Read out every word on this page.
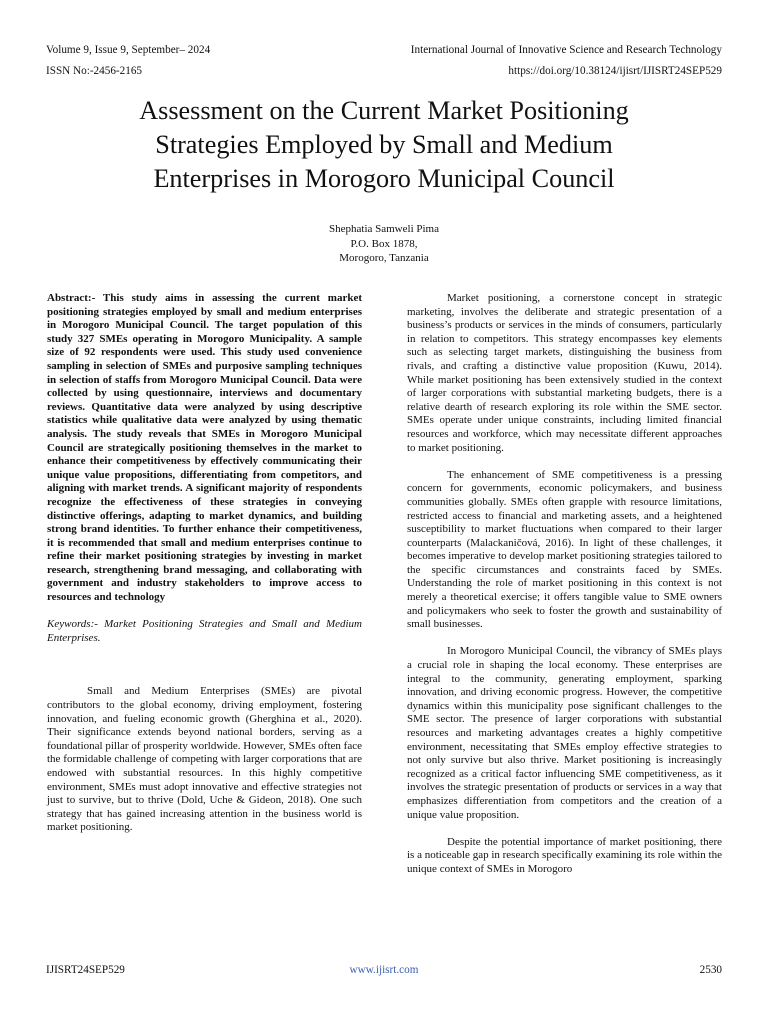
Volume 9, Issue 9, September– 2024	International Journal of Innovative Science and Research Technology
ISSN No:-2456-2165	https://doi.org/10.38124/ijisrt/IJISRT24SEP529
Assessment on the Current Market Positioning
Strategies Employed by Small and Medium
Enterprises in Morogoro Municipal Council
Shephatia Samweli Pima
P.O. Box 1878,
Morogoro, Tanzania

Abstract:- This study aims in assessing the current market positioning strategies employed by small and medium enterprises in Morogoro Municipal Council. The target population of this study 327 SMEs operating in Morogoro Municipality. A sample size of 92 respondents were used. This study used convenience sampling in selection of SMEs and purposive sampling techniques in selection of staffs from Morogoro Municipal Council. Data were collected by using questionnaire, interviews and documentary reviews. Quantitative data were analyzed by using descriptive statistics while qualitative data were analyzed by using thematic analysis. The study reveals that SMEs in Morogoro Municipal Council are strategically positioning themselves in the market to enhance their competitiveness by effectively communicating their unique value propositions, differentiating from competitors, and aligning with market trends. A significant majority of respondents recognize the effectiveness of these strategies in conveying distinctive offerings, adapting to market dynamics, and building strong brand identities. To further enhance their competitiveness, it is recommended that small and medium enterprises continue to refine their market positioning strategies by investing in market research, strengthening brand messaging, and collaborating with government and industry stakeholders to improve access to resources and technology

Keywords:- Market Positioning Strategies and Small and Medium Enterprises.

Small and Medium Enterprises (SMEs) are pivotal contributors to the global economy, driving employment, fostering innovation, and fueling economic growth (Gherghina et al., 2020). Their significance extends beyond national borders, serving as a foundational pillar of prosperity worldwide. However, SMEs often face the formidable challenge of competing with larger corporations that are endowed with substantial resources. In this highly competitive environment, SMEs must adopt innovative and effective strategies not just to survive, but to thrive (Dold, Uche & Gideon, 2018). One such strategy that has gained increasing attention in the business world is market positioning.

Market positioning, a cornerstone concept in strategic marketing, involves the deliberate and strategic presentation of a business’s products or services in the minds of consumers, particularly in relation to competitors. This strategy encompasses key elements such as selecting target markets, distinguishing the business from rivals, and crafting a distinctive value proposition (Kuwu, 2014). While market positioning has been extensively studied in the context of larger corporations with substantial marketing budgets, there is a relative dearth of research exploring its role within the SME sector. SMEs operate under unique constraints, including limited financial resources and workforce, which may necessitate different approaches to market positioning.

The enhancement of SME competitiveness is a pressing concern for governments, economic policymakers, and business communities globally. SMEs often grapple with resource limitations, restricted access to financial and marketing assets, and a heightened susceptibility to market fluctuations when compared to their larger counterparts (Malackaničová, 2016). In light of these challenges, it becomes imperative to develop market positioning strategies tailored to the specific circumstances and constraints faced by SMEs. Understanding the role of market positioning in this context is not merely a theoretical exercise; it offers tangible value to SME owners and policymakers who seek to foster the growth and sustainability of small businesses.

In Morogoro Municipal Council, the vibrancy of SMEs plays a crucial role in shaping the local economy. These enterprises are integral to the community, generating employment, sparking innovation, and driving economic progress. However, the competitive dynamics within this municipality pose significant challenges to the SME sector. The presence of larger corporations with substantial resources and marketing advantages creates a highly competitive environment, necessitating that SMEs employ effective strategies to not only survive but also thrive. Market positioning is increasingly recognized as a critical factor influencing SME competitiveness, as it involves the strategic presentation of products or services in a way that emphasizes differentiation from competitors and the creation of a unique value proposition.

Despite the potential importance of market positioning, there is a noticeable gap in research specifically examining its role within the unique context of SMEs in Morogoro

IJISRT24SEP529	www.ijisrt.com	2530
